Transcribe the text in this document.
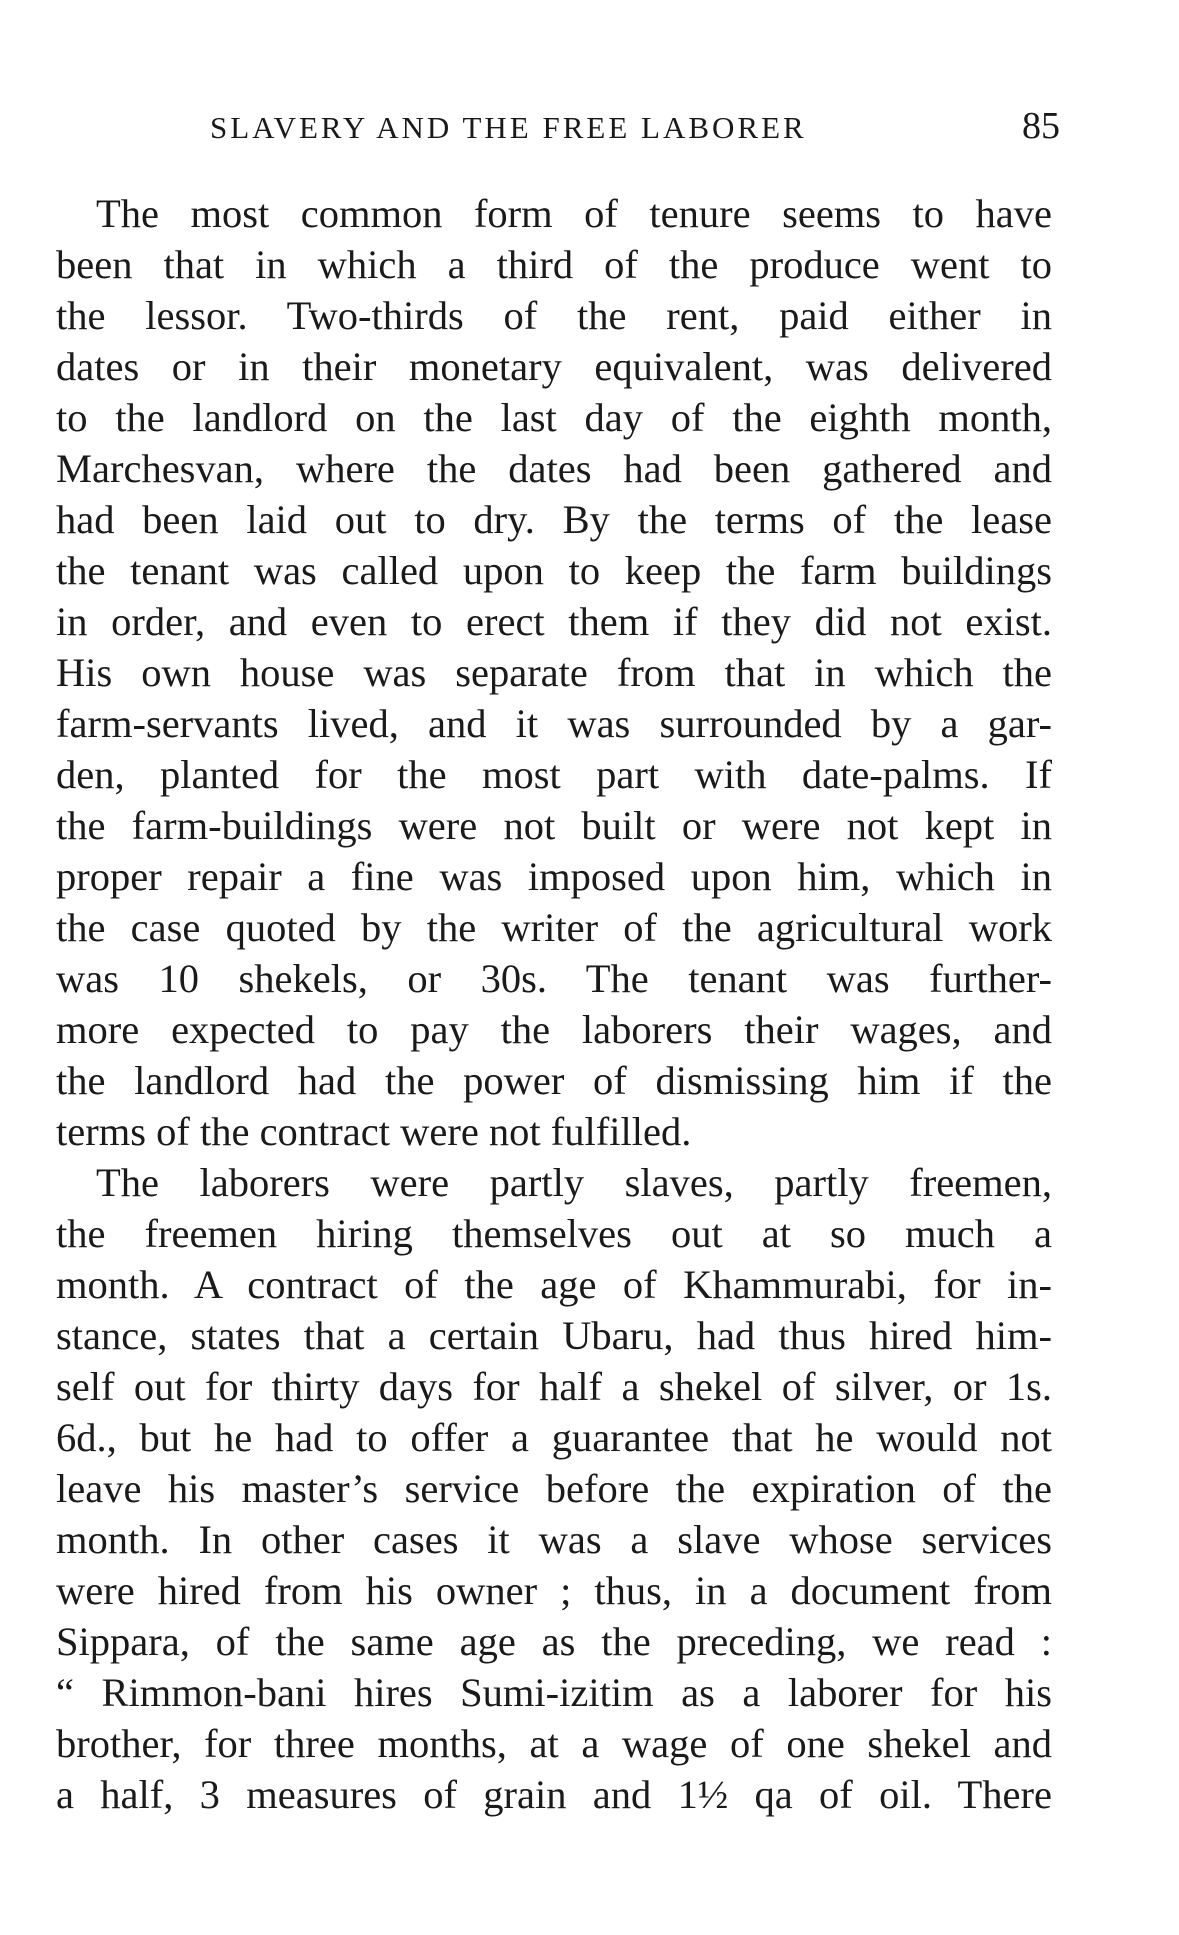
SLAVERY AND THE FREE LABORER	85
The most common form of tenure seems to have
been that in which a third of the produce went to
the lessor. Two-thirds of the rent, paid either in
dates or in their monetary equivalent, was delivered
to the landlord on the last day of the eighth month,
Marchesvan, where the dates had been gathered and
had been laid out to dry. By the terms of the lease
the tenant was called upon to keep the farm buildings
in order, and even to erect them if they did not exist.
His own house was separate from that in which the
farm-servants lived, and it was surrounded by a gar-
den, planted for the most part with date-palms. If
the farm-buildings were not built or were not kept in
proper repair a fine was imposed upon him, which in
the case quoted by the writer of the agricultural work
was 10 shekels, or 30s. The tenant was further-
more expected to pay the laborers their wages, and
the landlord had the power of dismissing him if the
terms of the contract were not fulfilled.
The laborers were partly slaves, partly freemen,
the freemen hiring themselves out at so much a
month. A contract of the age of Khammurabi, for in-
stance, states that a certain Ubaru, had thus hired him-
self out for thirty days for half a shekel of silver, or 1s.
6d., but he had to offer a guarantee that he would not
leave his master’s service before the expiration of the
month. In other cases it was a slave whose services
were hired from his owner ; thus, in a document from
Sippara, of the same age as the preceding, we read :
“ Rimmon-bani hires Sumi-izitim as a laborer for his
brother, for three months, at a wage of one shekel and
a half, 3 measures of grain and 1½ qa of oil. There
